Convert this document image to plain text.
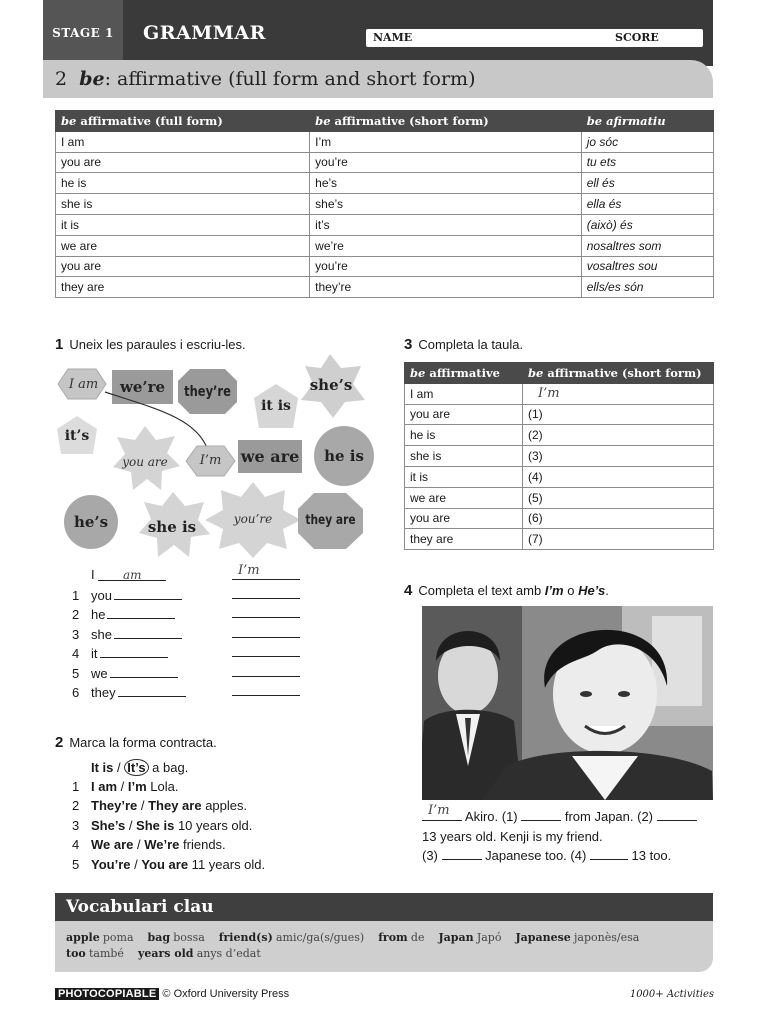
STAGE 1	GRAMMAR	NAME	SCORE
2 be: affirmative (full form and short form)
be affirmative (full form)	be affirmative (short form)	be afirmatiu
I am	I’m	jo sóc
you are	you’re	tu ets
he is	he’s	ell és
she is	she’s	ella és
it is	it’s	(això) és
we are	we’re	nosaltres som
you are	you’re	vosaltres sou
they are	they’re	ells/es són
1 Uneix les paraules i escriu-les.
I am	we’re	they’re
it is
she’s
it’s
you are	I’m	we are	he is
he’s	she is	you’re	they are
I am	I’m
1 you
2 he
3 she
4 it
5 we
6 they
2 Marca la forma contracta.
It is / It’s a bag.
1 I am / I’m Lola.
2 They’re / They are apples.
3 She’s / She is 10 years old.
4 We are / We’re friends.
5 You’re / You are 11 years old.
3 Completa la taula.
be affirmative	be affirmative (short form)
I am	I’m
you are	(1)
he is	(2)
she is	(3)
it is	(4)
we are	(5)
you are	(6)
they are	(7)
4 Completa el text amb I’m o He’s.
I’m Akiro. (1)	from Japan. (2)
13 years old. Kenji is my friend.
(3)	Japanese too. (4)	13 too.
Vocabulari clau
apple poma bag bossa friend(s) amic/ga(s/gues) from de Japan Japó Japanese japonès/esa
too també years old anys d’edat
PHOTOCOPIABLE © Oxford University Press	1000+ Activities
